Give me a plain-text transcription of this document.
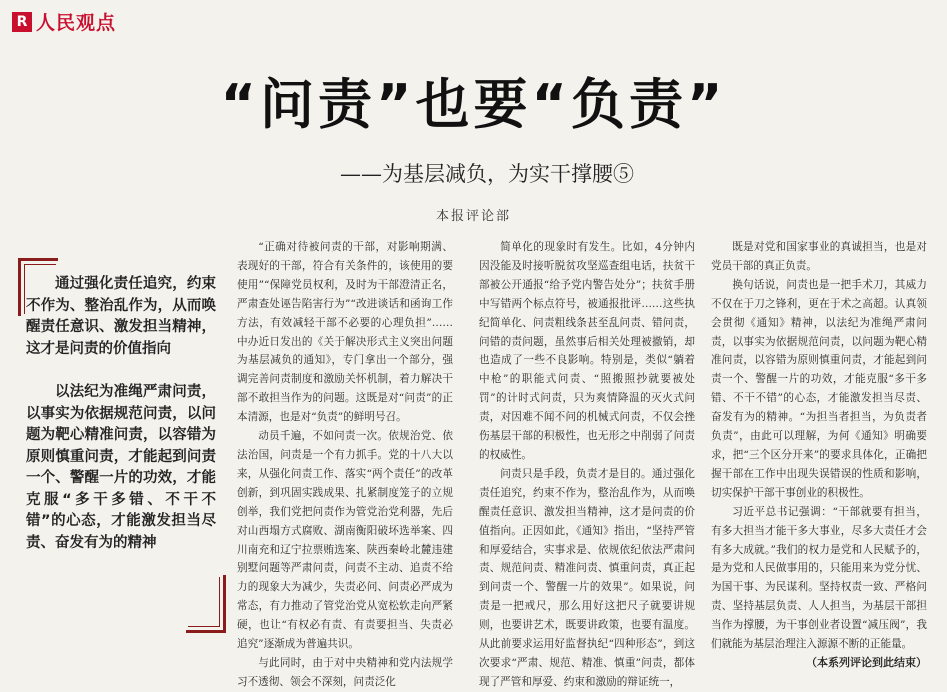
R 人民观点
“问责”也要“负责”
——为基层减负，为实干撑腰⑤
本报评论部

通过强化责任追究，约束不作为、整治乱作为，从而唤醒责任意识、激发担当精神，这才是问责的价值指向

以法纪为准绳严肃问责，以事实为依据规范问责，以问题为靶心精准问责，以容错为原则慎重问责，才能起到问责一个、警醒一片的功效，才能克服“多干多错、不干不错”的心态，才能激发担当尽责、奋发有为的精神

“正确对待被问责的干部，对影响期满、表现好的干部，符合有关条件的，该使用的要使用”“保障党员权利，及时为干部澄清正名，严肃查处诬告陷害行为”“改进谈话和函询工作方法，有效减轻干部不必要的心理负担”……中办近日发出的《关于解决形式主义突出问题为基层减负的通知》，专门拿出一个部分，强调完善问责制度和激励关怀机制，着力解决干部不敢担当作为的问题。这既是对“问责”的正本清源，也是对“负责”的鲜明号召。

动员千遍，不如问责一次。依规治党、依法治国，问责是一个有力抓手。党的十八大以来，从强化问责工作、落实“两个责任”的改革创新，到巩固实践成果、扎紧制度笼子的立规创举，我们党把问责作为管党治党利器，先后对山西塌方式腐败、湖南衡阳破坏选举案、四川南充和辽宁拉票贿选案、陕西秦岭北麓违建别墅问题等严肃问责，问责不主动、追责不给力的现象大为减少，失责必问、问责必严成为常态，有力推动了管党治党从宽松软走向严紧硬，也让“有权必有责、有责要担当、失责必追究”逐渐成为普遍共识。

与此同时，由于对中央精神和党内法规学习不透彻、领会不深刻，问责泛化

简单化的现象时有发生。比如，4分钟内因没能及时接听脱贫攻坚巡查组电话，扶贫干部被公开通报“给予党内警告处分”；扶贫手册中写错两个标点符号，被通报批评……这些执纪简单化、问责粗线条甚至乱问责、错问责，问错的责问题，虽然事后相关处理被撤销，却也造成了一些不良影响。特别是，类似“躺着中枪”的职能式问责、“照搬照抄就要被处罚”的计时式问责，只为爽情降温的灭火式问责，对因难不闻不问的机械式问责，不仅会挫伤基层干部的积极性，也无形之中削弱了问责的权威性。

问责只是手段，负责才是目的。通过强化责任追究，约束不作为，整治乱作为，从而唤醒责任意识、激发担当精神，这才是问责的价值指向。正因如此，《通知》指出，“坚持严管和厚爱结合，实事求是、依规依纪依法严肃问责、规范问责、精准问责、慎重问责，真正起到问责一个、警醒一片的效果”。如果说，问责是一把戒尺，那么用好这把尺子就要讲规则，也要讲艺术，既要讲政策，也要有温度。从此前要求运用好监督执纪“四种形态”，到这次要求“严肃、规范、精准、慎重”问责，都体现了严管和厚爱、约束和激励的辩证统一，

既是对党和国家事业的真诚担当，也是对党员干部的真正负责。

换句话说，问责也是一把手术刀，其威力不仅在于刀之锋利，更在于术之高超。认真领会贯彻《通知》精神，以法纪为准绳严肃问责，以事实为依据规范问责，以问题为靶心精准问责，以容错为原则慎重问责，才能起到问责一个、警醒一片的功效，才能克服“多干多错、不干不错”的心态，才能激发担当尽责、奋发有为的精神。“为担当者担当，为负责者负责”，由此可以理解，为何《通知》明确要求，把“三个区分开来”的要求具体化，正确把握干部在工作中出现失误错误的性质和影响，切实保护干部干事创业的积极性。

习近平总书记强调：“干部就要有担当，有多大担当才能干多大事业，尽多大责任才会有多大成就。”我们的权力是党和人民赋予的，是为党和人民做事用的，只能用来为党分忧、为国干事、为民谋利。坚持权责一致、严格问责、坚持基层负责、人人担当，为基层干部担当作为撑腰，为干事创业者设置“减压阀”，我们就能为基层治理注入源源不断的正能量。

（本系列评论到此结束）
